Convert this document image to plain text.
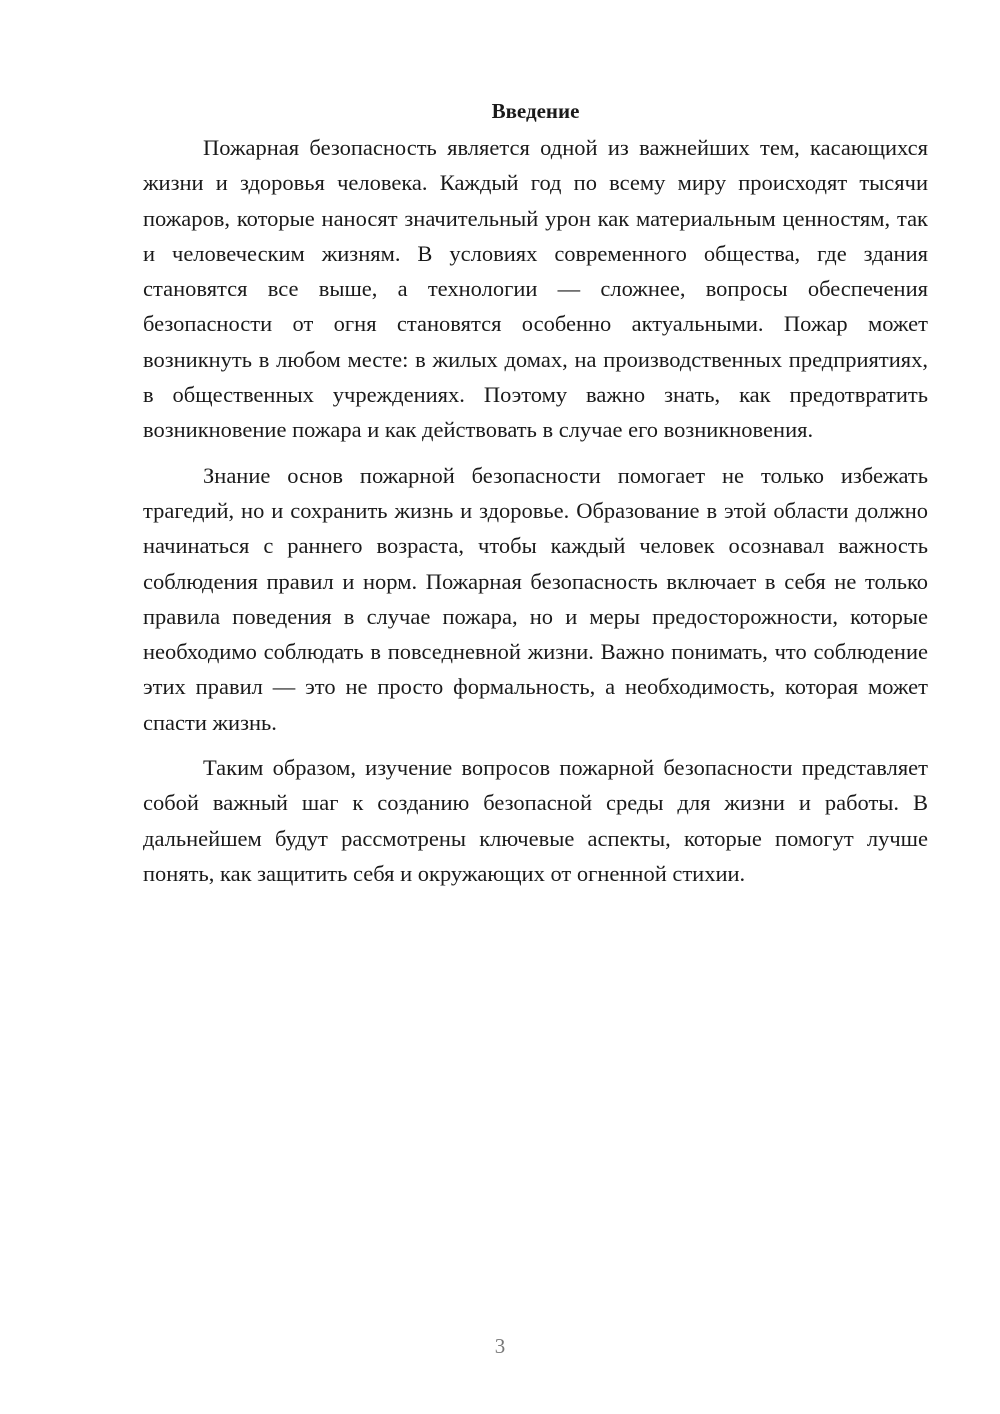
Введение

Пожарная безопасность является одной из важнейших тем, касающихся жизни и здоровья человека. Каждый год по всему миру происходят тысячи пожаров, которые наносят значительный урон как материальным ценностям, так и человеческим жизням. В условиях современного общества, где здания становятся все выше, а технологии — сложнее, вопросы обеспечения безопасности от огня становятся особенно актуальными. Пожар может возникнуть в любом месте: в жилых домах, на производственных предприятиях, в общественных учреждениях. Поэтому важно знать, как предотвратить возникновение пожара и как действовать в случае его возникновения.

Знание основ пожарной безопасности помогает не только избежать трагедий, но и сохранить жизнь и здоровье. Образование в этой области должно начинаться с раннего возраста, чтобы каждый человек осознавал важность соблюдения правил и норм. Пожарная безопасность включает в себя не только правила поведения в случае пожара, но и меры предосторожности, которые необходимо соблюдать в повседневной жизни. Важно понимать, что соблюдение этих правил — это не просто формальность, а необходимость, которая может спасти жизнь.

Таким образом, изучение вопросов пожарной безопасности представляет собой важный шаг к созданию безопасной среды для жизни и работы. В дальнейшем будут рассмотрены ключевые аспекты, которые помогут лучше понять, как защитить себя и окружающих от огненной стихии.

3
